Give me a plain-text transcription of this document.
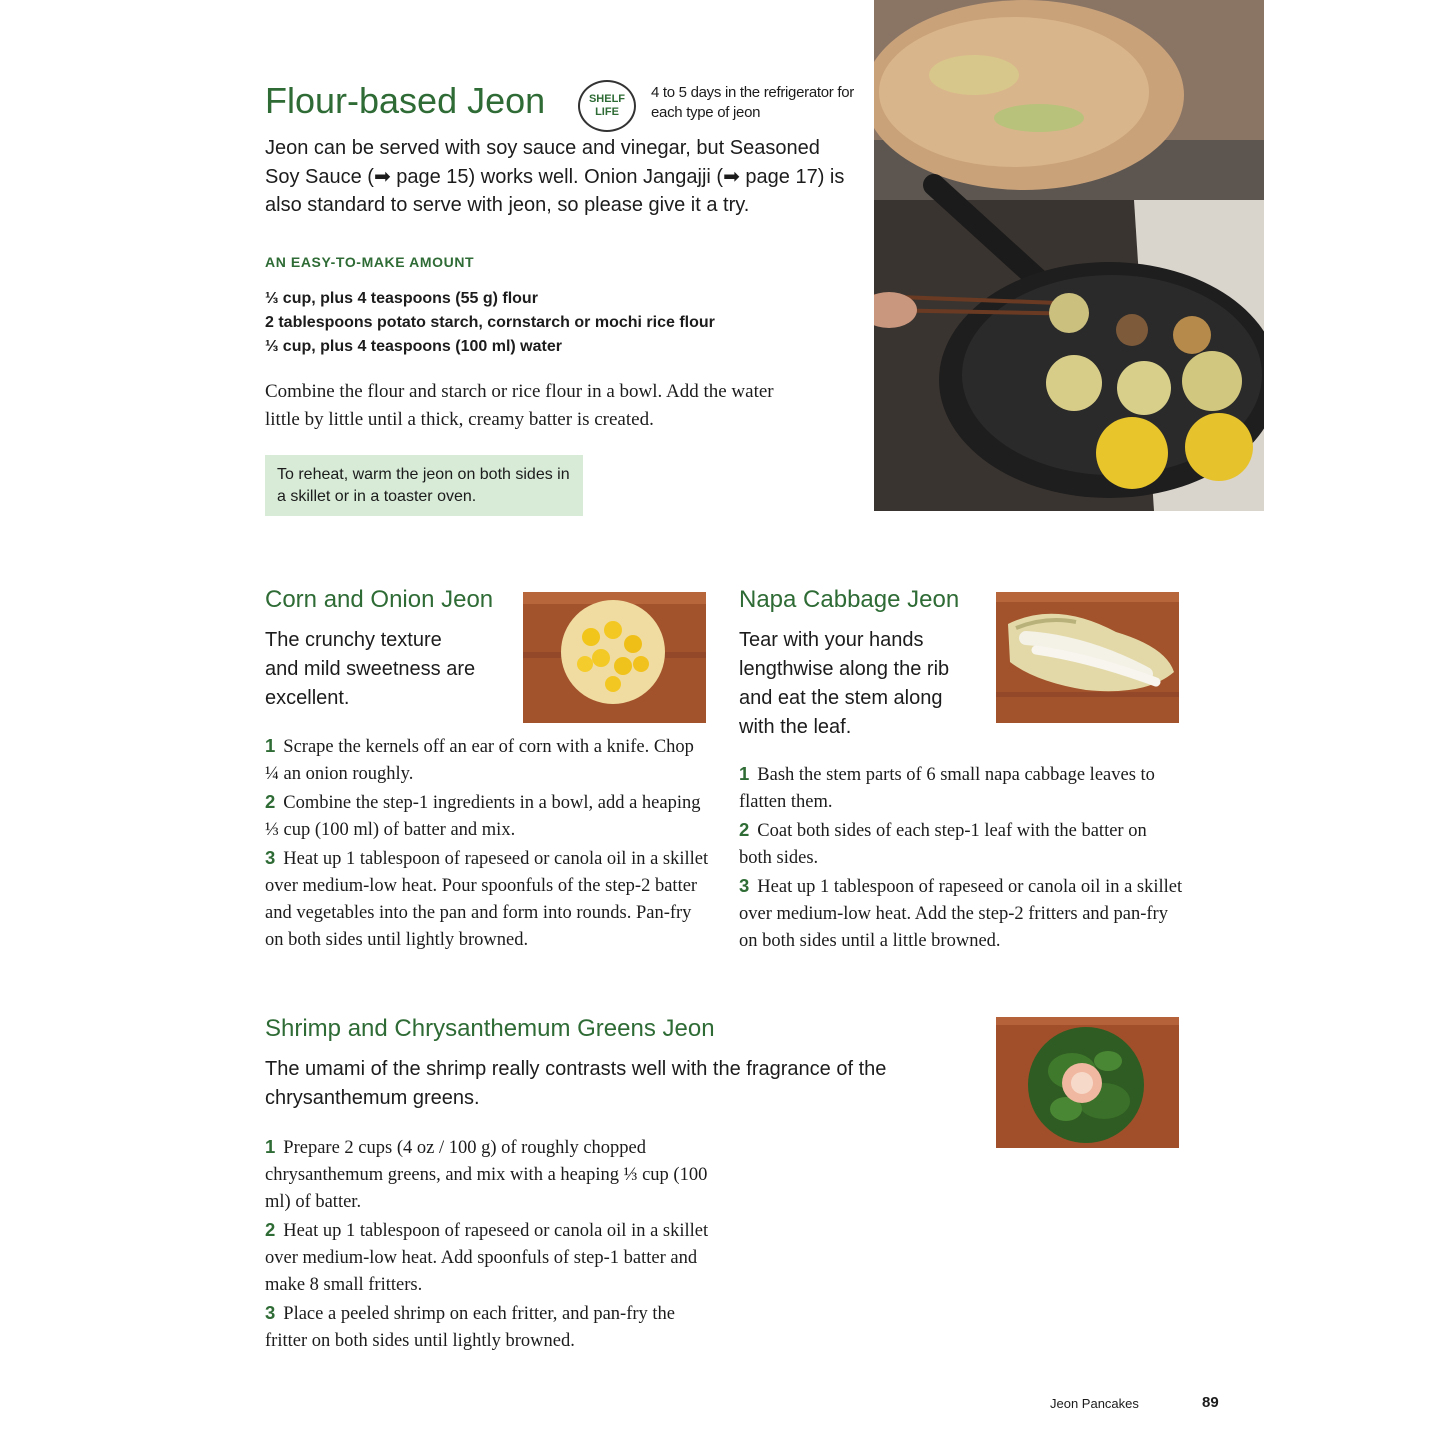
Flour-based Jeon	SHELF
LIFE
4 to 5 days in the refrigerator for each type of jeon
Jeon can be served with soy sauce and vinegar, but Seasoned Soy Sauce (➡ page 15) works well. Onion Jangajji (➡ page 17) is also standard to serve with jeon, so please give it a try.
AN EASY-TO-MAKE AMOUNT
⅓ cup, plus 4 teaspoons (55 g) flour
2 tablespoons potato starch, cornstarch or mochi rice flour
⅓ cup, plus 4 teaspoons (100 ml) water
Combine the flour and starch or rice flour in a bowl. Add the water little by little until a thick, creamy batter is created.
To reheat, warm the jeon on both sides in a skillet or in a toaster oven.
Corn and Onion Jeon
The crunchy texture and mild sweetness are excellent.

1 Scrape the kernels off an ear of corn with a knife. Chop ¼ an onion roughly.

2 Combine the step-1 ingredients in a bowl, add a heaping ⅓ cup (100 ml) of batter and mix.

3 Heat up 1 tablespoon of rapeseed or canola oil in a skillet over medium-low heat. Pour spoonfuls of the step-2 batter and vegetables into the pan and form into rounds. Pan-fry on both sides until lightly browned.

Napa Cabbage Jeon
Tear with your hands lengthwise along the rib and eat the stem along with the leaf.

1 Bash the stem parts of 6 small napa cabbage leaves to flatten them.

2 Coat both sides of each step-1 leaf with the batter on both sides.

3 Heat up 1 tablespoon of rapeseed or canola oil in a skillet over medium-low heat. Add the step-2 fritters and pan-fry on both sides until a little browned.

Shrimp and Chrysanthemum Greens Jeon
The umami of the shrimp really contrasts well with the fragrance of the chrysanthemum greens.

1 Prepare 2 cups (4 oz / 100 g) of roughly chopped chrysanthemum greens, and mix with a heaping ⅓ cup (100 ml) of batter.

2 Heat up 1 tablespoon of rapeseed or canola oil in a skillet over medium-low heat. Add spoonfuls of step-1 batter and make 8 small fritters.

3 Place a peeled shrimp on each fritter, and pan-fry the fritter on both sides until lightly browned.

Jeon Pancakes	89
